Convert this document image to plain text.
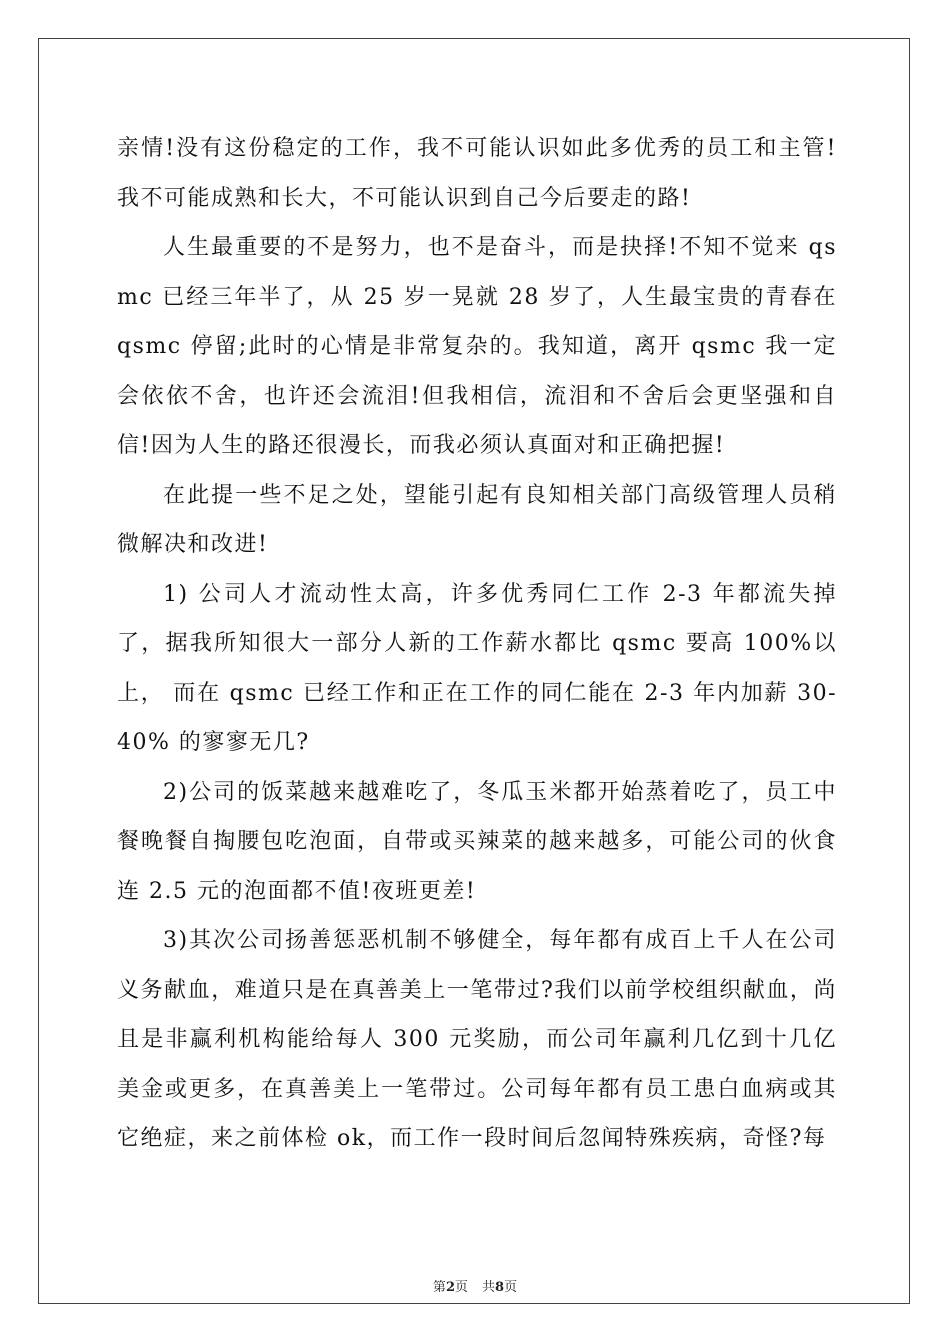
亲情!没有这份稳定的工作，我不可能认识如此多优秀的员工和主管!我不可能成熟和长大，不可能认识到自己今后要走的路!

人生最重要的不是努力，也不是奋斗，而是抉择!不知不觉来 qsmc 已经三年半了，从 25 岁一晃就 28 岁了，人生最宝贵的青春在 qsmc 停留;此时的心情是非常复杂的。我知道，离开 qsmc 我一定会依依不舍，也许还会流泪!但我相信，流泪和不舍后会更坚强和自信!因为人生的路还很漫长，而我必须认真面对和正确把握!

在此提一些不足之处，望能引起有良知相关部门高级管理人员稍微解决和改进!

1) 公司人才流动性太高，许多优秀同仁工作 2-3 年都流失掉了，据我所知很大一部分人新的工作薪水都比 qsmc 要高 100%以上， 而在 qsmc 已经工作和正在工作的同仁能在 2-3 年内加薪 30-40% 的寥寥无几?

2)公司的饭菜越来越难吃了，冬瓜玉米都开始蒸着吃了，员工中餐晚餐自掏腰包吃泡面，自带或买辣菜的越来越多，可能公司的伙食连 2.5 元的泡面都不值!夜班更差!

3)其次公司扬善惩恶机制不够健全，每年都有成百上千人在公司义务献血，难道只是在真善美上一笔带过?我们以前学校组织献血，尚且是非赢利机构能给每人 300 元奖励，而公司年赢利几亿到十几亿美金或更多，在真善美上一笔带过。公司每年都有员工患白血病或其它绝症，来之前体检 ok，而工作一段时间后忽闻特殊疾病，奇怪?每

第2页 共8页
